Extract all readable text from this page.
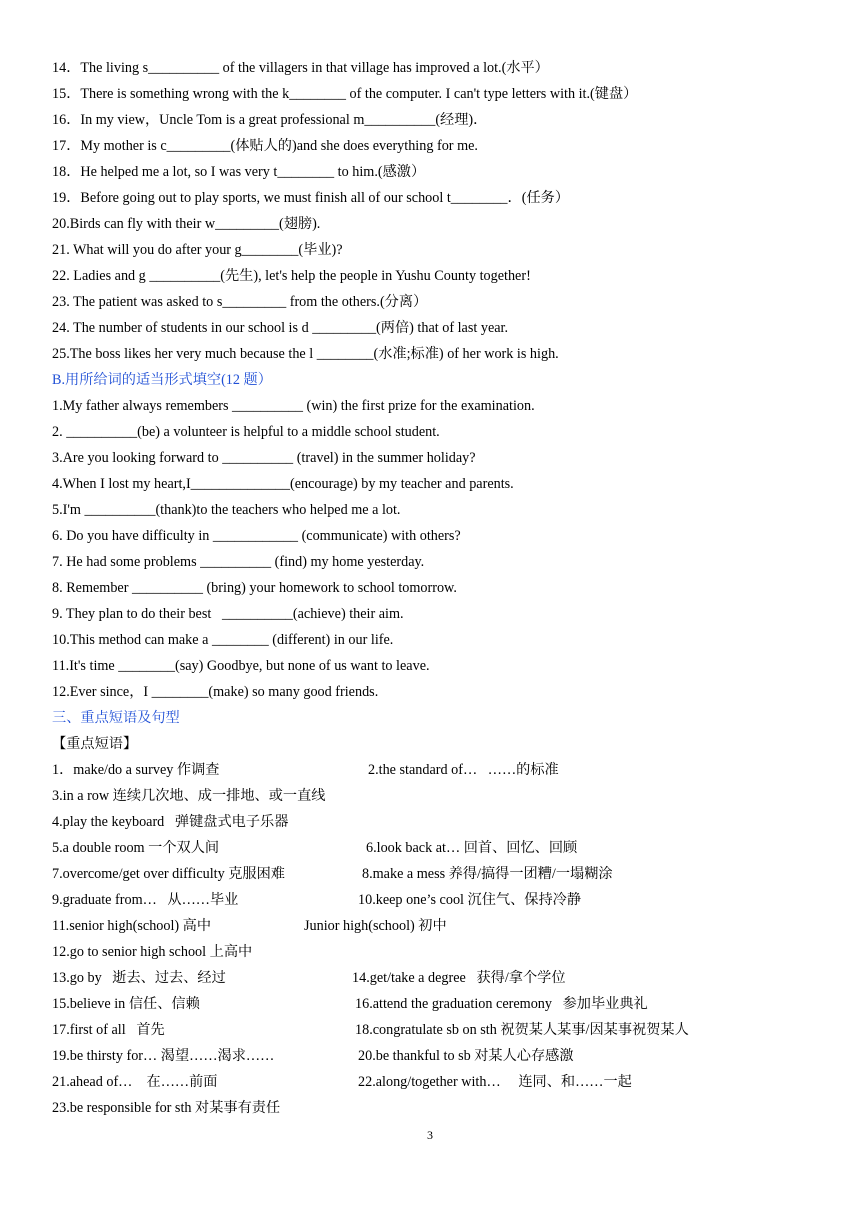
14．The living s__________ of the villagers in that village has improved a lot.(水平）
15．There is something wrong with the k________ of the computer. I can't type letters with it.(键盘）
16．In my view，Uncle Tom is a great professional m__________(经理)．
17．My mother is c_________(体贴人的)and she does everything for me.
18．He helped me a lot, so I was very t________ to him.(感激）
19．Before going out to play sports, we must finish all of our school t________．(任务）
20.Birds can fly with their w_________(翅膀).
21. What will you do after your g________(毕业)?
22. Ladies and g __________(先生), let's help the people in Yushu County together!
23. The patient was asked to s_________ from the others.(分离）
24. The number of students in our school is d _________(两倍) that of last year.
25.The boss likes her very much because the l ________(水准;标准) of her work is high.
B.用所给词的适当形式填空(12 题）
1.My father always remembers __________ (win) the first prize for the examination.
2. __________(be) a volunteer is helpful to a middle school student.
3.Are you looking forward to __________ (travel) in the summer holiday?
4.When I lost my heart,I______________(encourage) by my teacher and parents.
5.I'm __________(thank)to the teachers who helped me a lot.
6. Do you have difficulty in ____________ (communicate) with others?
7. He had some problems __________ (find) my home yesterday.
8. Remember __________ (bring) your homework to school tomorrow.
9. They plan to do their best   __________(achieve) their aim.
10.This method can make a ________ (different) in our life.
11.It's time ________(say) Goodbye, but none of us want to leave.
12.Ever since，I ________(make) so many good friends.
三、重点短语及句型
【重点短语】
1．make/do a survey 作调查	2.the standard of…   ……的标准
3.in a row 连续几次地、成一排地、或一直线
4.play the keyboard   弹键盘式电子乐器
5.a double room 一个双人间	6.look back at… 回首、回忆、回顾
7.overcome/get over difficulty 克服困难	8.make a mess 养得/搞得一团糟/一塌糊涂
9.graduate from…   从……毕业	10.keep one’s cool 沉住气、保持冷静
11.senior high(school) 高中	Junior high(school) 初中
12.go to senior high school 上高中
13.go by   逝去、过去、经过	14.get/take a degree   获得/拿个学位
15.believe in 信任、信赖	16.attend the graduation ceremony   参加毕业典礼
17.first of all   首先	18.congratulate sb on sth 祝贺某人某事/因某事祝贺某人
19.be thirsty for… 渴望……渴求……	20.be thankful to sb 对某人心存感激
21.ahead of…    在……前面	22.along/together with…     连同、和……一起
23.be responsible for sth 对某事有责任
3
